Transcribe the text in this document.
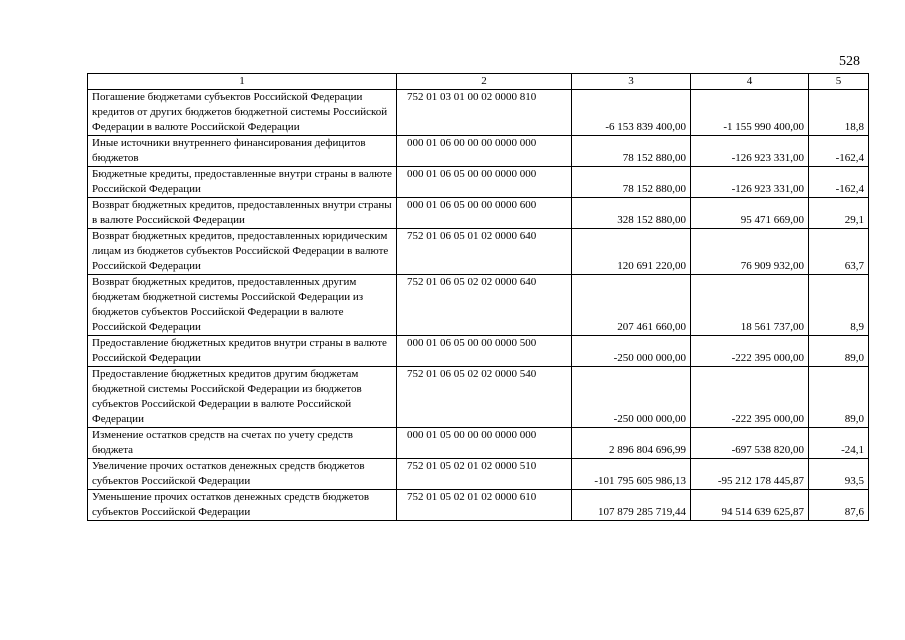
528
1	2	3	4	5
Погашение бюджетами субъектов Российской Федерации кредитов от других бюджетов бюджетной системы Российской Федерации в валюте Российской Федерации	752 01 03 01 00 02 0000 810	-6 153 839 400,00	-1 155 990 400,00	18,8
Иные источники внутреннего финансирования дефицитов бюджетов	000 01 06 00 00 00 0000 000	78 152 880,00	-126 923 331,00	-162,4
Бюджетные кредиты, предоставленные внутри страны в валюте Российской Федерации	000 01 06 05 00 00 0000 000	78 152 880,00	-126 923 331,00	-162,4
Возврат бюджетных кредитов, предоставленных внутри страны в валюте Российской Федерации	000 01 06 05 00 00 0000 600	328 152 880,00	95 471 669,00	29,1
Возврат бюджетных кредитов, предоставленных юридическим лицам из бюджетов субъектов Российской Федерации в валюте Российской Федерации	752 01 06 05 01 02 0000 640	120 691 220,00	76 909 932,00	63,7
Возврат бюджетных кредитов, предоставленных другим бюджетам бюджетной системы Российской Федерации из бюджетов субъектов Российской Федерации в валюте Российской Федерации	752 01 06 05 02 02 0000 640	207 461 660,00	18 561 737,00	8,9
Предоставление бюджетных кредитов внутри страны в валюте Российской Федерации	000 01 06 05 00 00 0000 500	-250 000 000,00	-222 395 000,00	89,0
Предоставление бюджетных кредитов другим бюджетам бюджетной системы Российской Федерации из бюджетов субъектов Российской Федерации в валюте Российской Федерации	752 01 06 05 02 02 0000 540	-250 000 000,00	-222 395 000,00	89,0
Изменение остатков средств на счетах по учету средств бюджета	000 01 05 00 00 00 0000 000	2 896 804 696,99	-697 538 820,00	-24,1
Увеличение прочих остатков денежных средств бюджетов субъектов Российской Федерации	752 01 05 02 01 02 0000 510	-101 795 605 986,13	-95 212 178 445,87	93,5
Уменьшение прочих остатков денежных средств бюджетов субъектов Российской Федерации	752 01 05 02 01 02 0000 610	107 879 285 719,44	94 514 639 625,87	87,6
